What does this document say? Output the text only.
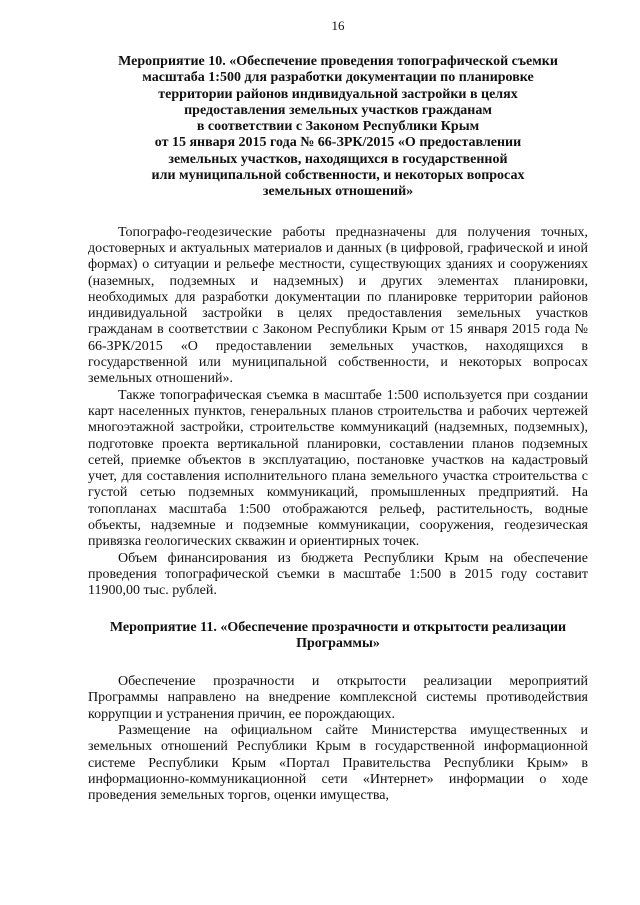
16
Мероприятие 10. «Обеспечение проведения топографической съемки
масштаба 1:500 для разработки документации по планировке
территории районов индивидуальной застройки в целях
предоставления земельных участков гражданам
в соответствии с Законом Республики Крым
от 15 января 2015 года № 66-ЗРК/2015 «О предоставлении
земельных участков, находящихся в государственной
или муниципальной собственности, и некоторых вопросах
земельных отношений»

Топографо-геодезические работы предназначены для получения точных, достоверных и актуальных материалов и данных (в цифровой, графической и иной формах) о ситуации и рельефе местности, существующих зданиях и сооружениях (наземных, подземных и надземных) и других элементах планировки, необходимых для разработки документации по планировке территории районов индивидуальной застройки в целях предоставления земельных участков гражданам в соответствии с Законом Республики Крым от 15 января 2015 года № 66-ЗРК/2015 «О предоставлении земельных участков, находящихся в государственной или муниципальной собственности, и некоторых вопросах земельных отношений».

Также топографическая съемка в масштабе 1:500 используется при создании карт населенных пунктов, генеральных планов строительства и рабочих чертежей многоэтажной застройки, строительстве коммуникаций (надземных, подземных), подготовке проекта вертикальной планировки, составлении планов подземных сетей, приемке объектов в эксплуатацию, постановке участков на кадастровый учет, для составления исполнительного плана земельного участка строительства с густой сетью подземных коммуникаций, промышленных предприятий. На топопланах масштаба 1:500 отображаются рельеф, растительность, водные объекты, надземные и подземные коммуникации, сооружения, геодезическая привязка геологических скважин и ориентирных точек.

Объем финансирования из бюджета Республики Крым на обеспечение проведения топографической съемки в масштабе 1:500 в 2015 году составит 11900,00 тыс. рублей.

Мероприятие 11. «Обеспечение прозрачности и открытости реализации
Программы»

Обеспечение прозрачности и открытости реализации мероприятий Программы направлено на внедрение комплексной системы противодействия коррупции и устранения причин, ее порождающих.

Размещение на официальном сайте Министерства имущественных и земельных отношений Республики Крым в государственной информационной системе Республики Крым «Портал Правительства Республики Крым» в информационно-коммуникационной сети «Интернет» информации о ходе проведения земельных торгов, оценки имущества,
